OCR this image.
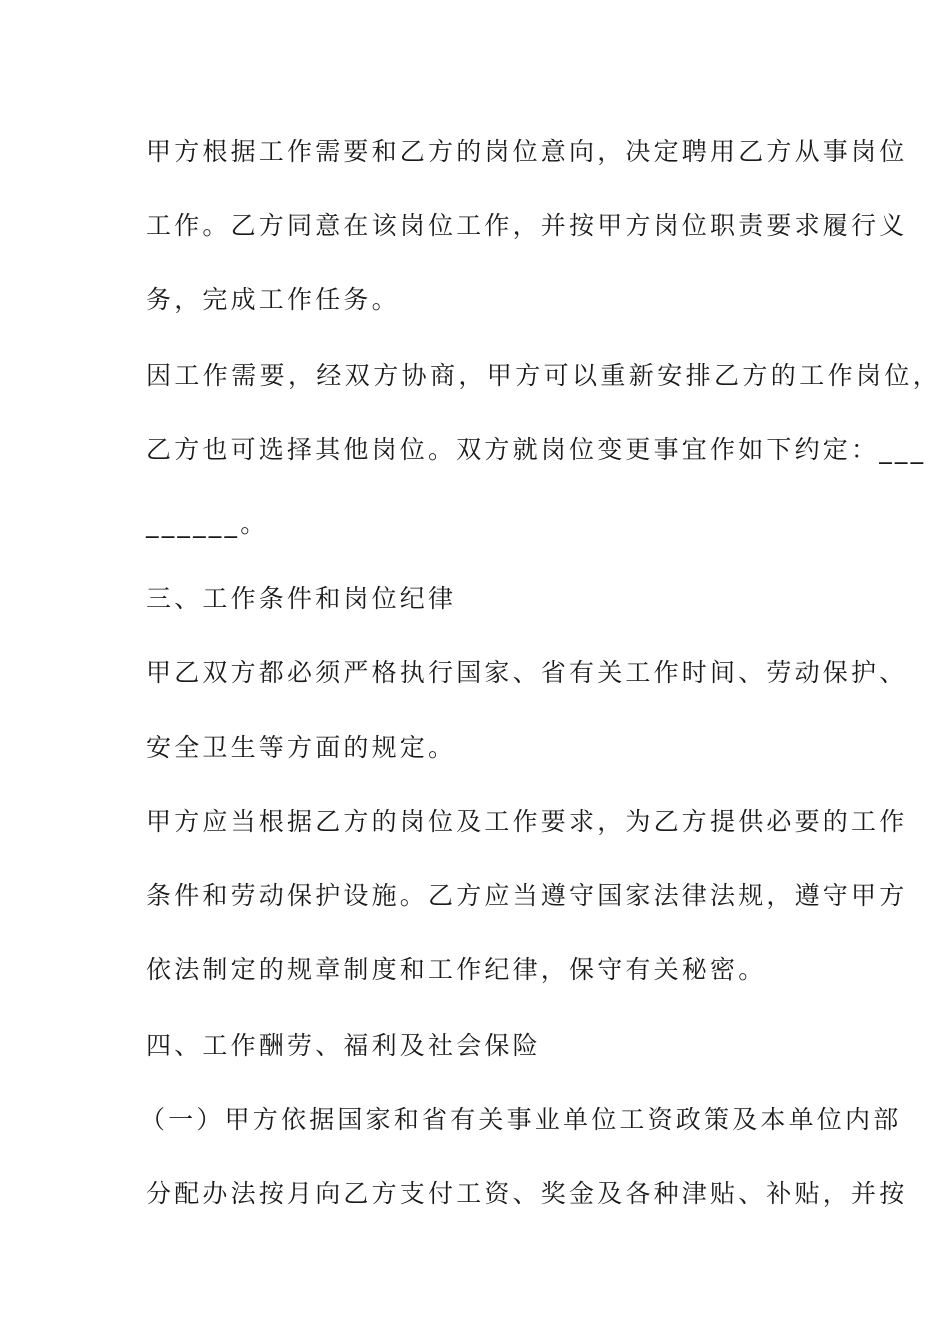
甲方根据工作需要和乙方的岗位意向，决定聘用乙方从事岗位
工作。乙方同意在该岗位工作，并按甲方岗位职责要求履行义
务，完成工作任务。
因工作需要，经双方协商，甲方可以重新安排乙方的工作岗位，
乙方也可选择其他岗位。双方就岗位变更事宜作如下约定：___
______。
三、工作条件和岗位纪律
甲乙双方都必须严格执行国家、省有关工作时间、劳动保护、
安全卫生等方面的规定。
甲方应当根据乙方的岗位及工作要求，为乙方提供必要的工作
条件和劳动保护设施。乙方应当遵守国家法律法规，遵守甲方
依法制定的规章制度和工作纪律，保守有关秘密。
四、工作酬劳、福利及社会保险
（一）甲方依据国家和省有关事业单位工资政策及本单位内部
分配办法按月向乙方支付工资、奖金及各种津贴、补贴，并按
